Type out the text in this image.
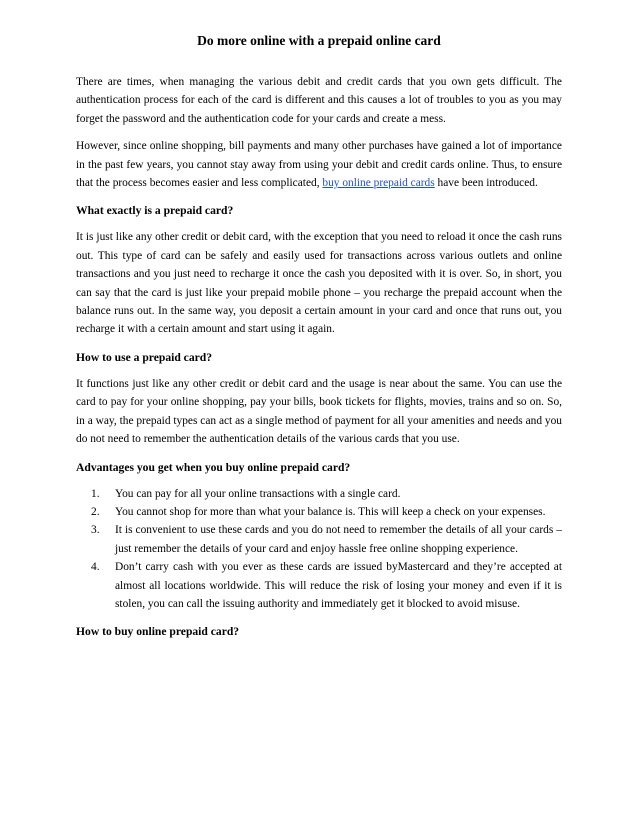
Do more online with a prepaid online card

There are times, when managing the various debit and credit cards that you own gets difficult. The authentication process for each of the card is different and this causes a lot of troubles to you as you may forget the password and the authentication code for your cards and create a mess.

However, since online shopping, bill payments and many other purchases have gained a lot of importance in the past few years, you cannot stay away from using your debit and credit cards online. Thus, to ensure that the process becomes easier and less complicated, buy online prepaid cards have been introduced.

What exactly is a prepaid card?

It is just like any other credit or debit card, with the exception that you need to reload it once the cash runs out. This type of card can be safely and easily used for transactions across various outlets and online transactions and you just need to recharge it once the cash you deposited with it is over. So, in short, you can say that the card is just like your prepaid mobile phone – you recharge the prepaid account when the balance runs out. In the same way, you deposit a certain amount in your card and once that runs out, you recharge it with a certain amount and start using it again.

How to use a prepaid card?

It functions just like any other credit or debit card and the usage is near about the same. You can use the card to pay for your online shopping, pay your bills, book tickets for flights, movies, trains and so on. So, in a way, the prepaid types can act as a single method of payment for all your amenities and needs and you do not need to remember the authentication details of the various cards that you use.

Advantages you get when you buy online prepaid card?
1. You can pay for all your online transactions with a single card.
2. You cannot shop for more than what your balance is. This will keep a check on your expenses.
3. It is convenient to use these cards and you do not need to remember the details of all your cards – just remember the details of your card and enjoy hassle free online shopping experience.
4. Don’t carry cash with you ever as these cards are issued byMastercard and they’re accepted at almost all locations worldwide. This will reduce the risk of losing your money and even if it is stolen, you can call the issuing authority and immediately get it blocked to avoid misuse.
How to buy online prepaid card?
